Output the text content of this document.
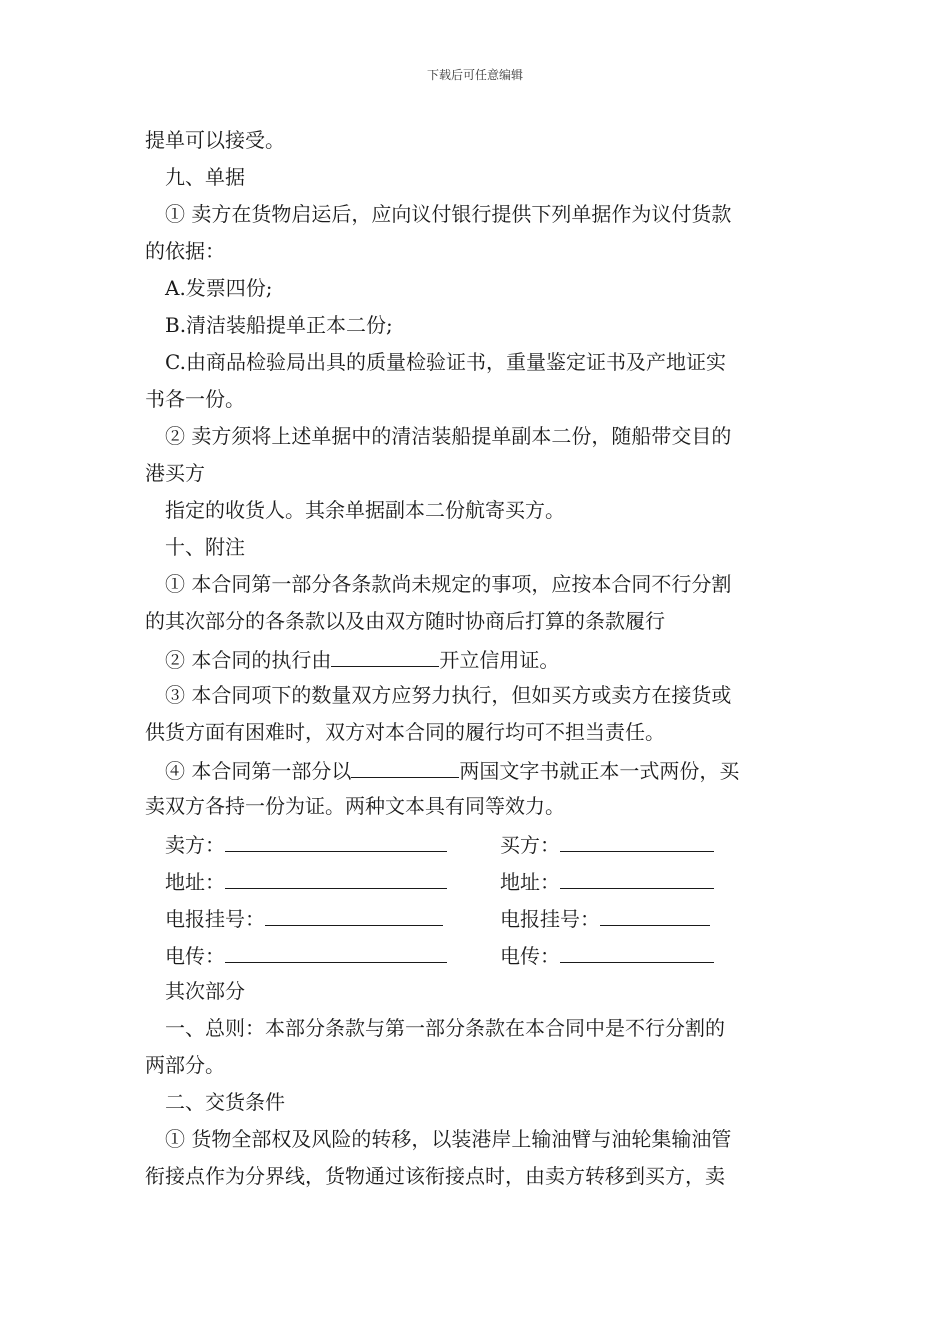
下载后可任意编辑
提单可以接受。
九、单据
① 卖方在货物启运后，应向议付银行提供下列单据作为议付货款
的依据：
A.发票四份;
B.清洁装船提单正本二份;
C.由商品检验局出具的质量检验证书，重量鉴定证书及产地证实
书各一份。
② 卖方须将上述单据中的清洁装船提单副本二份，随船带交目的
港买方
指定的收货人。其余单据副本二份航寄买方。
十、附注
① 本合同第一部分各条款尚未规定的事项，应按本合同不行分割
的其次部分的各条款以及由双方随时协商后打算的条款履行
② 本合同的执行由	开立信用证。
③ 本合同项下的数量双方应努力执行，但如买方或卖方在接货或
供货方面有困难时，双方对本合同的履行均可不担当责任。
④ 本合同第一部分以	两国文字书就正本一式两份，买
卖双方各持一份为证。两种文本具有同等效力。
卖方：	买方：
地址：	地址：
电报挂号：	电报挂号：
电传：	电传：
其次部分
一、总则：本部分条款与第一部分条款在本合同中是不行分割的
两部分。
二、交货条件
① 货物全部权及风险的转移，以装港岸上输油臂与油轮集输油管
衔接点作为分界线，货物通过该衔接点时，由卖方转移到买方，卖
